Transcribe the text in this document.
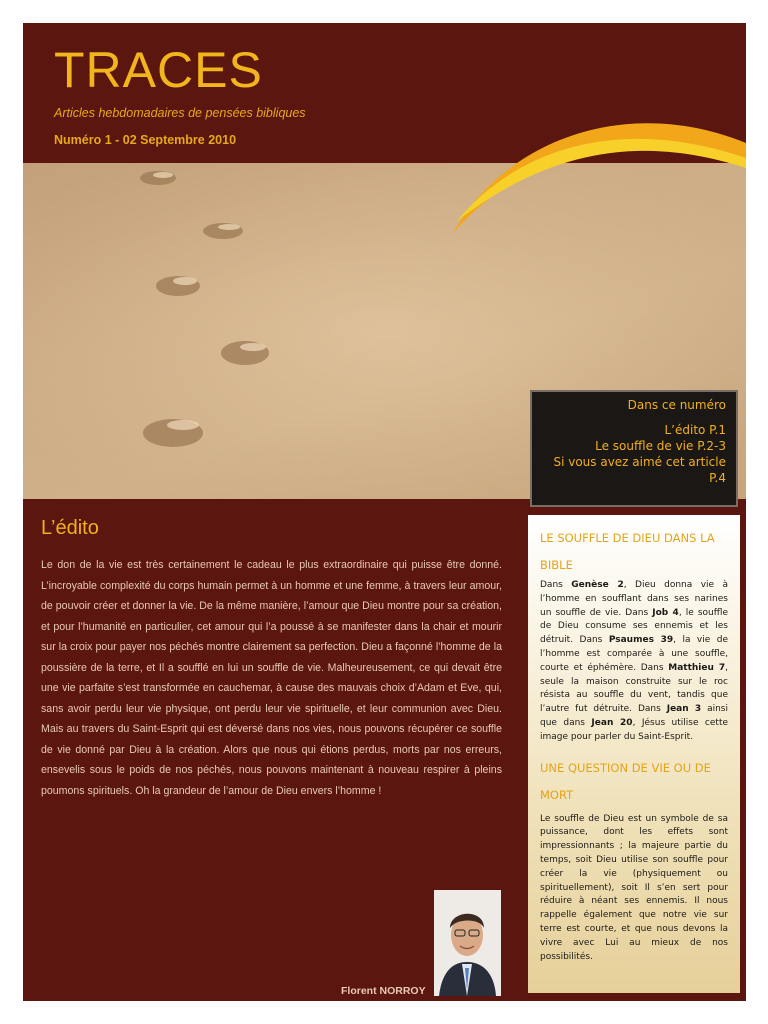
TRACES
Articles hebdomadaires de pensées bibliques
Numéro 1 - 02 Septembre 2010
Dans ce numéro
L’édito P.1
Le souffle de vie P.2-3
Si vous avez aimé cet article P.4
L’édito
Le don de la vie est très certainement le cadeau le plus extraordinaire qui puisse être donné. L’incroyable complexité du corps humain permet à un homme et une femme, à travers leur amour, de pouvoir créer et donner la vie. De la même manière, l’amour que Dieu montre pour sa création, et pour l’humanité en particulier, cet amour qui l’a poussé à se manifester dans la chair et mourir sur la croix pour payer nos péchés montre clairement sa perfection. Dieu a façonné l’homme de la poussière de la terre, et Il a soufflé en lui un souffle de vie. Malheureusement, ce qui devait être une vie parfaite s’est transformée en cauchemar, à cause des mauvais choix d’Adam et Eve, qui, sans avoir perdu leur vie physique, ont perdu leur vie spirituelle, et leur communion avec Dieu. Mais au travers du Saint-Esprit qui est déversé dans nos vies, nous pouvons récupérer ce souffle de vie donné par Dieu à la création. Alors que nous qui étions perdus, morts par nos erreurs, ensevelis sous le poids de nos péchés, nous pouvons maintenant à nouveau respirer à pleins poumons spirituels. Oh la grandeur de l’amour de Dieu envers l’homme !
Florent NORROY
LE SOUFFLE DE DIEU DANS LA BIBLE
Dans Genèse 2, Dieu donna vie à l’homme en soufflant dans ses narines un souffle de vie. Dans Job 4, le souffle de Dieu consume ses ennemis et les détruit. Dans Psaumes 39, la vie de l’homme est comparée à une souffle, courte et éphémère. Dans Matthieu 7, seule la maison construite sur le roc résista au souffle du vent, tandis que l’autre fut détruite. Dans Jean 3 ainsi que dans Jean 20, Jésus utilise cette image pour parler du Saint-Esprit.
UNE QUESTION DE VIE OU DE MORT
Le souffle de Dieu est un symbole de sa puissance, dont les effets sont impressionnants ; la majeure partie du temps, soit Dieu utilise son souffle pour créer la vie (physiquement ou spirituellement), soit Il s’en sert pour réduire à néant ses ennemis. Il nous rappelle également que notre vie sur terre est courte, et que nous devons la vivre avec Lui au mieux de nos possibilités.
